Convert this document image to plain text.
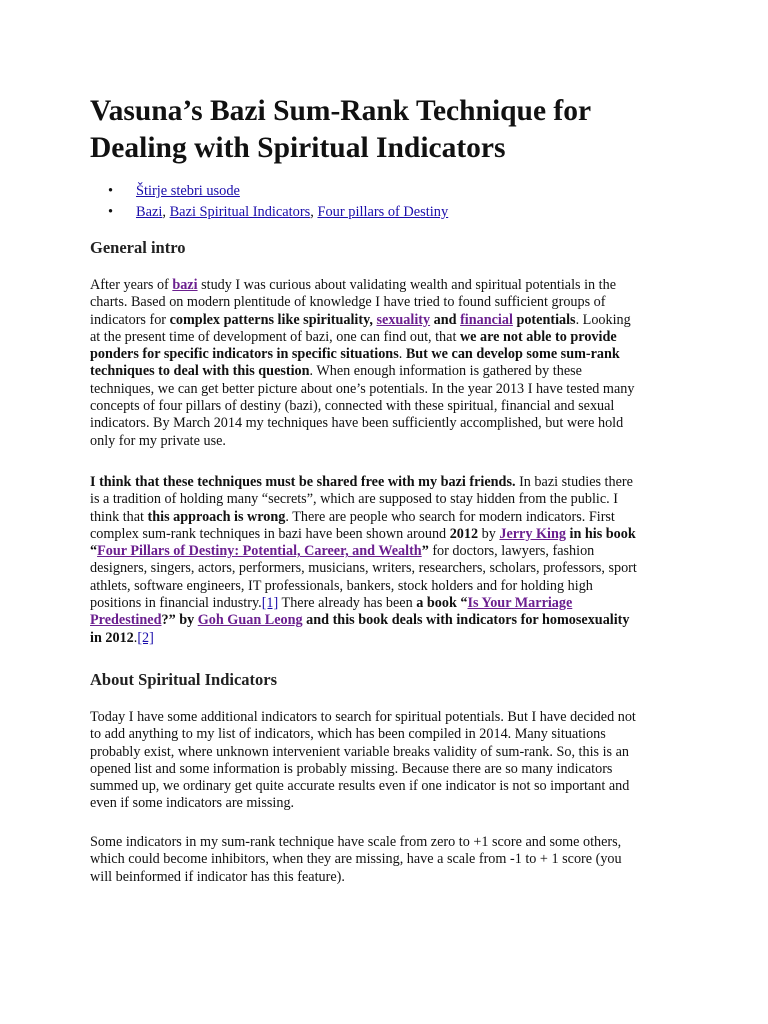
Vasuna’s Bazi Sum-Rank Technique for
Dealing with Spiritual Indicators
• Štirje stebri usode
• Bazi, Bazi Spiritual Indicators, Four pillars of Destiny
General intro

After years of bazi study I was curious about validating wealth and spiritual potentials in the
charts. Based on modern plentitude of knowledge I have tried to found sufficient groups of
indicators for complex patterns like spirituality, sexuality and financial potentials. Looking
at the present time of development of bazi, one can find out, that we are not able to provide
ponders for specific indicators in specific situations. But we can develop some sum-rank
techniques to deal with this question. When enough information is gathered by these
techniques, we can get better picture about one’s potentials. In the year 2013 I have tested many
concepts of four pillars of destiny (bazi), connected with these spiritual, financial and sexual
indicators. By March 2014 my techniques have been sufficiently accomplished, but were hold
only for my private use.

I think that these techniques must be shared free with my bazi friends. In bazi studies there
is a tradition of holding many “secrets”, which are supposed to stay hidden from the public. I
think that this approach is wrong. There are people who search for modern indicators. First
complex sum-rank techniques in bazi have been shown around 2012 by Jerry King in his book
“Four Pillars of Destiny: Potential, Career, and Wealth” for doctors, lawyers, fashion
designers, singers, actors, performers, musicians, writers, researchers, scholars, professors, sport
athlets, software engineers, IT professionals, bankers, stock holders and for holding high
positions in financial industry.[1] There already has been a book “Is Your Marriage
Predestined?” by Goh Guan Leong and this book deals with indicators for homosexuality
in 2012.[2]

About Spiritual Indicators

Today I have some additional indicators to search for spiritual potentials. But I have decided not
to add anything to my list of indicators, which has been compiled in 2014. Many situations
probably exist, where unknown intervenient variable breaks validity of sum-rank. So, this is an
opened list and some information is probably missing. Because there are so many indicators
summed up, we ordinary get quite accurate results even if one indicator is not so important and
even if some indicators are missing.

Some indicators in my sum-rank technique have scale from zero to +1 score and some others,
which could become inhibitors, when they are missing, have a scale from -1 to + 1 score (you
will beinformed if indicator has this feature).
